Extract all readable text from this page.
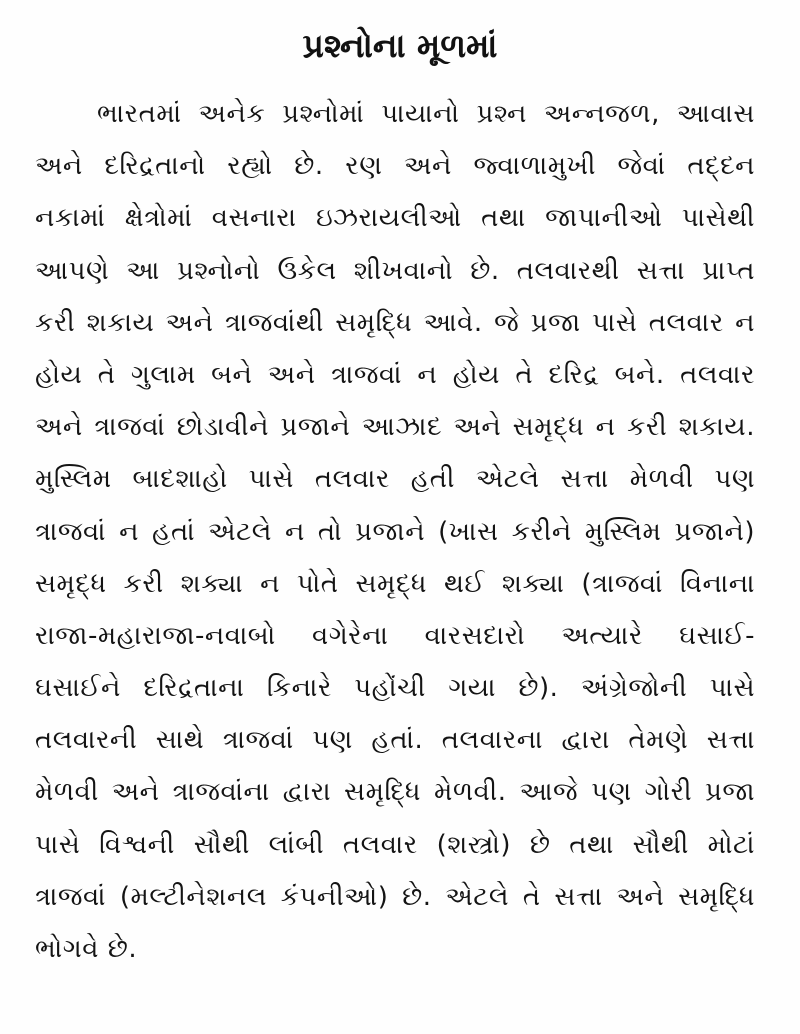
પ્રશ્નોના મૂળમાં
ભારતમાં અનેક પ્રશ્નોમાં પાયાનો પ્રશ્ન અન્નજળ, આવાસ
અને દરિદ્રતાનો રહ્યો છે. રણ અને જ્વાળામુખી જેવાં તદ્દન
નકામાં ક્ષેત્રોમાં વસનારા ઇઝરાયલીઓ તથા જાપાનીઓ પાસેથી
આપણે આ પ્રશ્નોનો ઉકેલ શીખવાનો છે. તલવારથી સત્તા પ્રાપ્ત
કરી શકાય અને ત્રાજવાંથી સમૃદ્ધિ આવે. જે પ્રજા પાસે તલવાર ન
હોય તે ગુલામ બને અને ત્રાજવાં ન હોય તે દરિદ્ર બને. તલવાર
અને ત્રાજવાં છોડાવીને પ્રજાને આઝાદ અને સમૃદ્ધ ન કરી શકાય.
મુસ્લિમ બાદશાહો પાસે તલવાર હતી એટલે સત્તા મેળવી પણ
ત્રાજવાં ન હતાં એટલે ન તો પ્રજાને (ખાસ કરીને મુસ્લિમ પ્રજાને)
સમૃદ્ધ કરી શક્યા ન પોતે સમૃદ્ધ થઈ શક્યા (ત્રાજવાં વિનાના
રાજા-મહારાજા-નવાબો વગેરેના વારસદારો અત્યારે ઘસાઈ-
ઘસાઈને દરિદ્રતાના કિનારે પહોંચી ગયા છે). અંગ્રેજોની પાસે
તલવારની સાથે ત્રાજવાં પણ હતાં. તલવારના દ્વારા તેમણે સત્તા
મેળવી અને ત્રાજવાંના દ્વારા સમૃદ્ધિ મેળવી. આજે પણ ગોરી પ્રજા
પાસે વિશ્વની સૌથી લાંબી તલવાર (શસ્ત્રો) છે તથા સૌથી મોટાં
ત્રાજવાં (મલ્ટીનેશનલ કંપનીઓ) છે. એટલે તે સત્તા અને સમૃદ્ધિ
ભોગવે છે.
